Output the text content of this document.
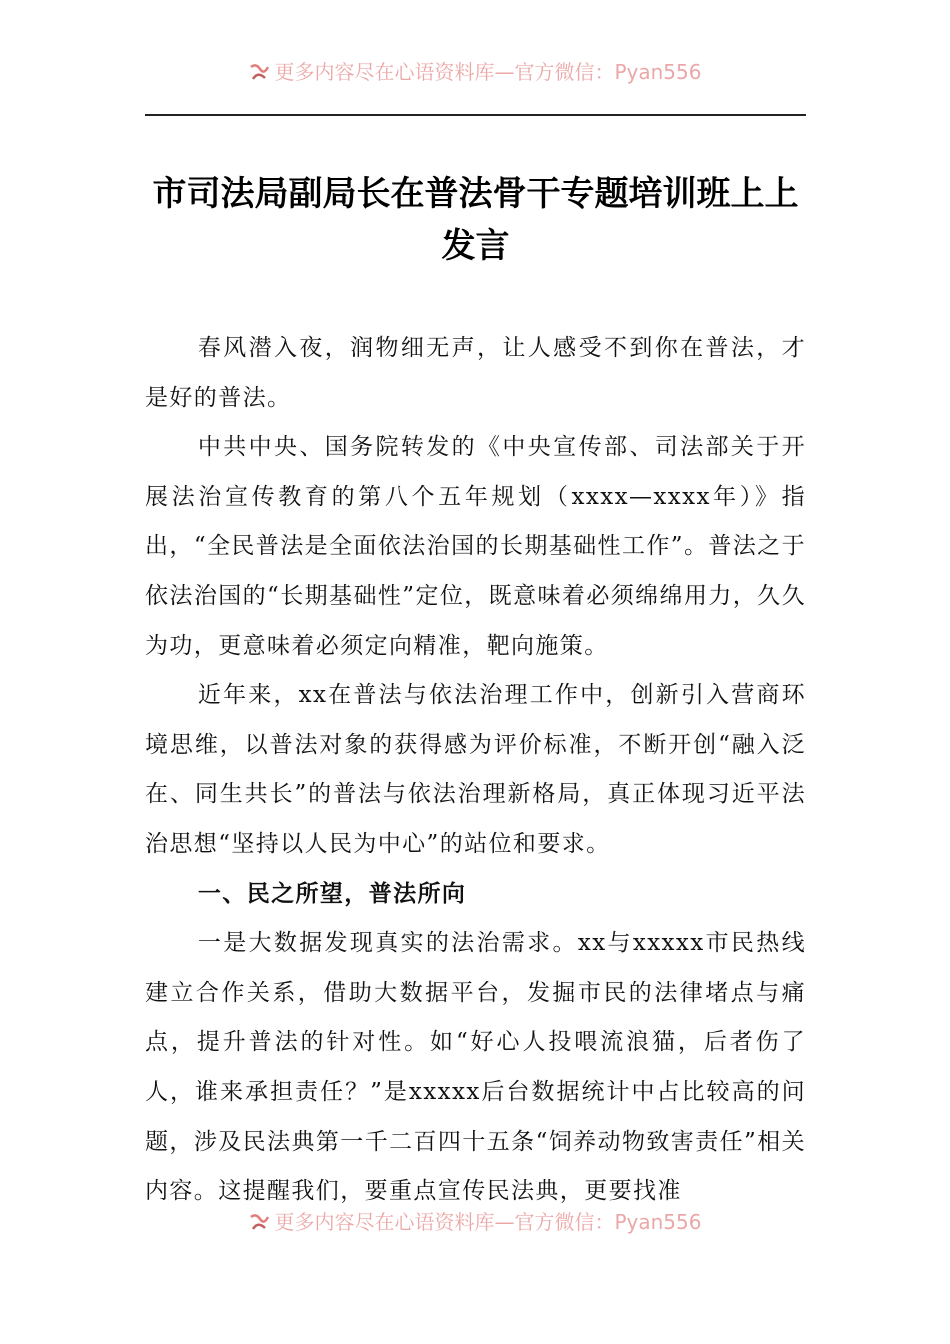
更多内容尽在心语资料库—官方微信：Pyan556
市司法局副局长在普法骨干专题培训班上上发言

春风潜入夜，润物细无声，让人感受不到你在普法，才是好的普法。

中共中央、国务院转发的《中央宣传部、司法部关于开展法治宣传教育的第八个五年规划（xxxx—xxxx年）》指出，“全民普法是全面依法治国的长期基础性工作”。普法之于依法治国的“长期基础性”定位，既意味着必须绵绵用力，久久为功，更意味着必须定向精准，靶向施策。

近年来，xx在普法与依法治理工作中，创新引入营商环境思维，以普法对象的获得感为评价标准，不断开创“融入泛在、同生共长”的普法与依法治理新格局，真正体现习近平法治思想“坚持以人民为中心”的站位和要求。

一、民之所望，普法所向

一是大数据发现真实的法治需求。xx与xxxxx市民热线建立合作关系，借助大数据平台，发掘市民的法律堵点与痛点，提升普法的针对性。如“好心人投喂流浪猫，后者伤了人，谁来承担责任？”是xxxxx后台数据统计中占比较高的问题，涉及民法典第一千二百四十五条“饲养动物致害责任”相关内容。这提醒我们，要重点宣传民法典，更要找准

更多内容尽在心语资料库—官方微信：Pyan556
